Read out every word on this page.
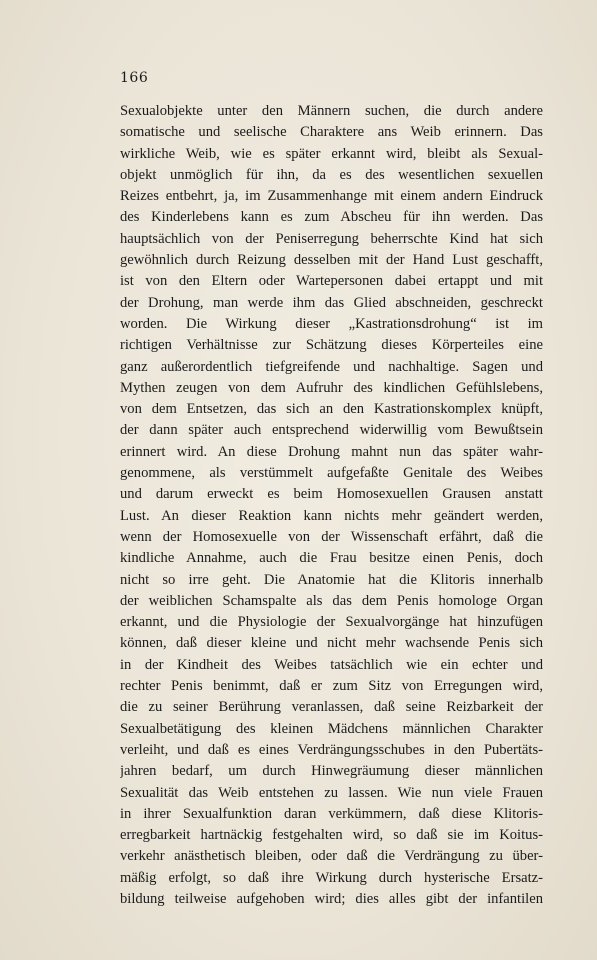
166
Sexualobjekte unter den Männern suchen, die durch andere
somatische und seelische Charaktere ans Weib erinnern. Das
wirkliche Weib, wie es später erkannt wird, bleibt als Sexual-
objekt unmöglich für ihn, da es des wesentlichen sexuellen
Reizes entbehrt, ja, im Zusammenhange mit einem andern Eindruck
des Kinderlebens kann es zum Abscheu für ihn werden. Das
hauptsächlich von der Peniserregung beherrschte Kind hat sich
gewöhnlich durch Reizung desselben mit der Hand Lust geschafft,
ist von den Eltern oder Wartepersonen dabei ertappt und mit
der Drohung, man werde ihm das Glied abschneiden, geschreckt
worden. Die Wirkung dieser „Kastrationsdrohung“ ist im
richtigen Verhältnisse zur Schätzung dieses Körperteiles eine
ganz außerordentlich tiefgreifende und nachhaltige. Sagen und
Mythen zeugen von dem Aufruhr des kindlichen Gefühlslebens,
von dem Entsetzen, das sich an den Kastrationskomplex knüpft,
der dann später auch entsprechend widerwillig vom Bewußtsein
erinnert wird. An diese Drohung mahnt nun das später wahr-
genommene, als verstümmelt aufgefaßte Genitale des Weibes
und darum erweckt es beim Homosexuellen Grausen anstatt
Lust. An dieser Reaktion kann nichts mehr geändert werden,
wenn der Homosexuelle von der Wissenschaft erfährt, daß die
kindliche Annahme, auch die Frau besitze einen Penis, doch
nicht so irre geht. Die Anatomie hat die Klitoris innerhalb
der weiblichen Schamspalte als das dem Penis homologe Organ
erkannt, und die Physiologie der Sexualvorgänge hat hinzufügen
können, daß dieser kleine und nicht mehr wachsende Penis sich
in der Kindheit des Weibes tatsächlich wie ein echter und
rechter Penis benimmt, daß er zum Sitz von Erregungen wird,
die zu seiner Berührung veranlassen, daß seine Reizbarkeit der
Sexualbetätigung des kleinen Mädchens männlichen Charakter
verleiht, und daß es eines Verdrängungsschubes in den Pubertäts-
jahren bedarf, um durch Hinwegräumung dieser männlichen
Sexualität das Weib entstehen zu lassen. Wie nun viele Frauen
in ihrer Sexualfunktion daran verkümmern, daß diese Klitoris-
erregbarkeit hartnäckig festgehalten wird, so daß sie im Koitus-
verkehr anästhetisch bleiben, oder daß die Verdrängung zu über-
mäßig erfolgt, so daß ihre Wirkung durch hysterische Ersatz-
bildung teilweise aufgehoben wird; dies alles gibt der infantilen
